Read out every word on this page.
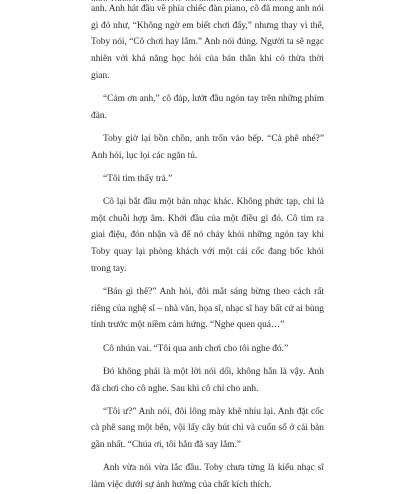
anh. Anh hát đầu về phía chiếc đàn piano, cô đã mong anh nói gì đó như, “Không ngờ em biết chơi đấy,” nhưng thay vì thế, Toby nói, “Cô chơi hay lắm.” Anh nói đúng. Người ta sẽ ngạc nhiên với khả năng học hỏi của bản thân khi có thừa thời gian.

“Cảm ơn anh,” cô đáp, lướt đầu ngón tay trên những phím đàn.

Toby giờ lại bồn chồn, anh trốn vào bếp. “Cà phê nhé?” Anh hỏi, lục lọi các ngăn tủ.

“Tôi tìm thấy trà.”

Cô lại bắt đầu một bản nhạc khác. Không phức tạp, chỉ là một chuỗi hợp âm. Khởi đầu của một điều gì đó. Cô tìm ra giai điệu, đón nhận và để nó chảy khỏi những ngón tay khi Toby quay lại phòng khách với một cái cốc đang bốc khói trong tay.

“Bản gì thế?” Anh hỏi, đôi mắt sáng bừng theo cách rất riêng của nghệ sĩ – nhà văn, họa sĩ, nhạc sĩ hay bất cứ ai bùng tỉnh trước một niềm cảm hứng. “Nghe quen quá…”

Cô nhún vai. “Tôi qua anh chơi cho tôi nghe đó.”

Đó không phải là một lời nói dối, không hẳn là vậy. Anh đã chơi cho cô nghe. Sau khi cô chỉ cho anh.

“Tôi ư?” Anh nói, đôi lông mày khẽ nhíu lại. Anh đặt cốc cà phê sang một bên, vội lấy cây bút chì và cuốn sổ ở cái bàn gần nhất. “Chúa ơi, tôi hẳn đã say lắm.”

Anh vừa nói vừa lắc đầu. Toby chưa từng là kiểu nhạc sĩ làm việc dưới sự ảnh hưởng của chất kích thích.
